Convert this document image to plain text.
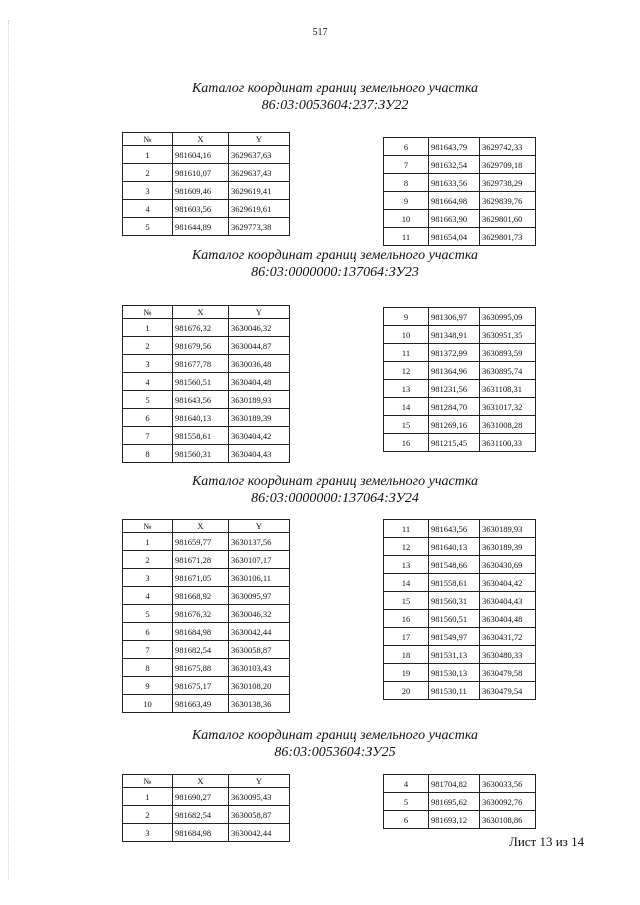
517
Каталог координат границ земельного участка
86:03:0053604:237:ЗУ22
№	X	Y
1	981604,16	3629637,63
2	981610,07	3629637,43
3	981609,46	3629619,41
4	981603,56	3629619,61
5	981644,89	3629773,38
6	981643,79	3629742,33
7	981632,54	3629709,18
8	981633,56	3629738,29
9	981664,98	3629839,76
10	981663,90	3629801,60
11	981654,04	3629801,73
Каталог координат границ земельного участка
86:03:0000000:137064:ЗУ23
№	X	Y
1	981676,32	3630046,32
2	981679,56	3630044,87
3	981677,78	3630036,48
4	981560,51	3630404,48
5	981643,56	3630189,93
6	981640,13	3630189,39
7	981558,61	3630404,42
8	981560,31	3630404,43
9	981306,97	3630995,09
10	981348,91	3630951,35
11	981372,99	3630893,59
12	981364,96	3630895,74
13	981231,56	3631108,31
14	981284,70	3631017,32
15	981269,16	3631008,28
16	981215,45	3631100,33
Каталог координат границ земельного участка
86:03:0000000:137064:ЗУ24
№	X	Y
1	981659,77	3630137,56
2	981671,28	3630107,17
3	981671,05	3630106,11
4	981668,92	3630095,97
5	981676,32	3630046,32
6	981684,98	3630042,44
7	981682,54	3630058,87
8	981675,88	3630103,43
9	981675,17	3630108,20
10	981663,49	3630138,36
11	981643,56	3630189,93
12	981640,13	3630189,39
13	981548,66	3630430,69
14	981558,61	3630404,42
15	981560,31	3630404,43
16	981560,51	3630404,48
17	981549,97	3630431,72
18	981531,13	3630480,33
19	981530,13	3630479,58
20	981530,11	3630479,54
Каталог координат границ земельного участка
86:03:0053604:ЗУ25
№	X	Y
1	981690,27	3630095,43
2	981682,54	3630058,87
3	981684,98	3630042,44
4	981704,82	3630033,56
5	981695,62	3630092,76
6	981693,12	3630108,86
Лист 13 из 14
